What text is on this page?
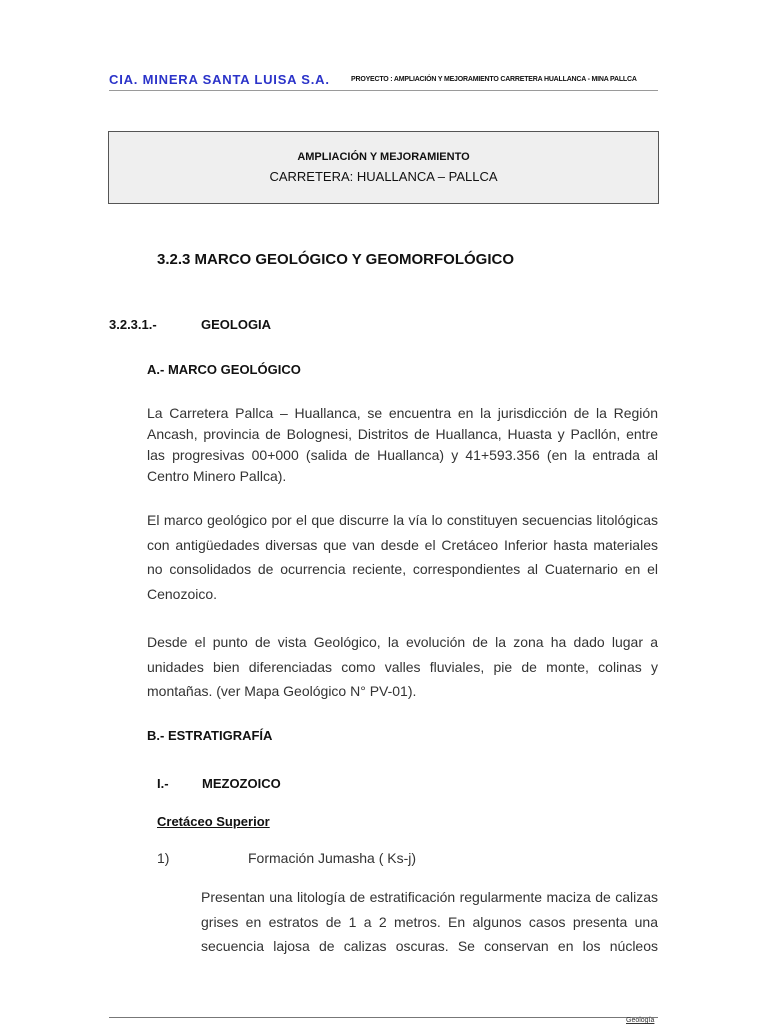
CIA. MINERA SANTA LUISA S.A.	PROYECTO : AMPLIACIÓN Y MEJORAMIENTO CARRETERA HUALLANCA - MINA PALLCA
AMPLIACIÓN Y MEJORAMIENTO
CARRETERA: HUALLANCA – PALLCA
3.2.3 MARCO GEOLÓGICO Y GEOMORFOLÓGICO
3.2.3.1.-	GEOLOGIA
A.- MARCO GEOLÓGICO
La Carretera Pallca – Huallanca, se encuentra en la jurisdicción de la Región Ancash, provincia de Bolognesi, Distritos de Huallanca, Huasta y Pacllón, entre las progresivas 00+000 (salida de Huallanca) y 41+593.356 (en la entrada al Centro Minero Pallca).
El marco geológico por el que discurre la vía lo constituyen secuencias litológicas con antigüedades diversas que van desde el Cretáceo Inferior hasta materiales no consolidados de ocurrencia reciente, correspondientes al Cuaternario en el Cenozoico.
Desde el punto de vista Geológico, la evolución de la zona ha dado lugar a unidades bien diferenciadas como valles fluviales, pie de monte, colinas y montañas. (ver Mapa Geológico N° PV-01).
B.- ESTRATIGRAFÍA
I.-	MEZOZOICO
Cretáceo Superior
1)	Formación Jumasha ( Ks-j)
Presentan una litología de estratificación regularmente maciza de calizas grises en estratos de 1 a 2 metros. En algunos casos presenta una secuencia lajosa de calizas oscuras. Se conservan en los núcleos
Geología
